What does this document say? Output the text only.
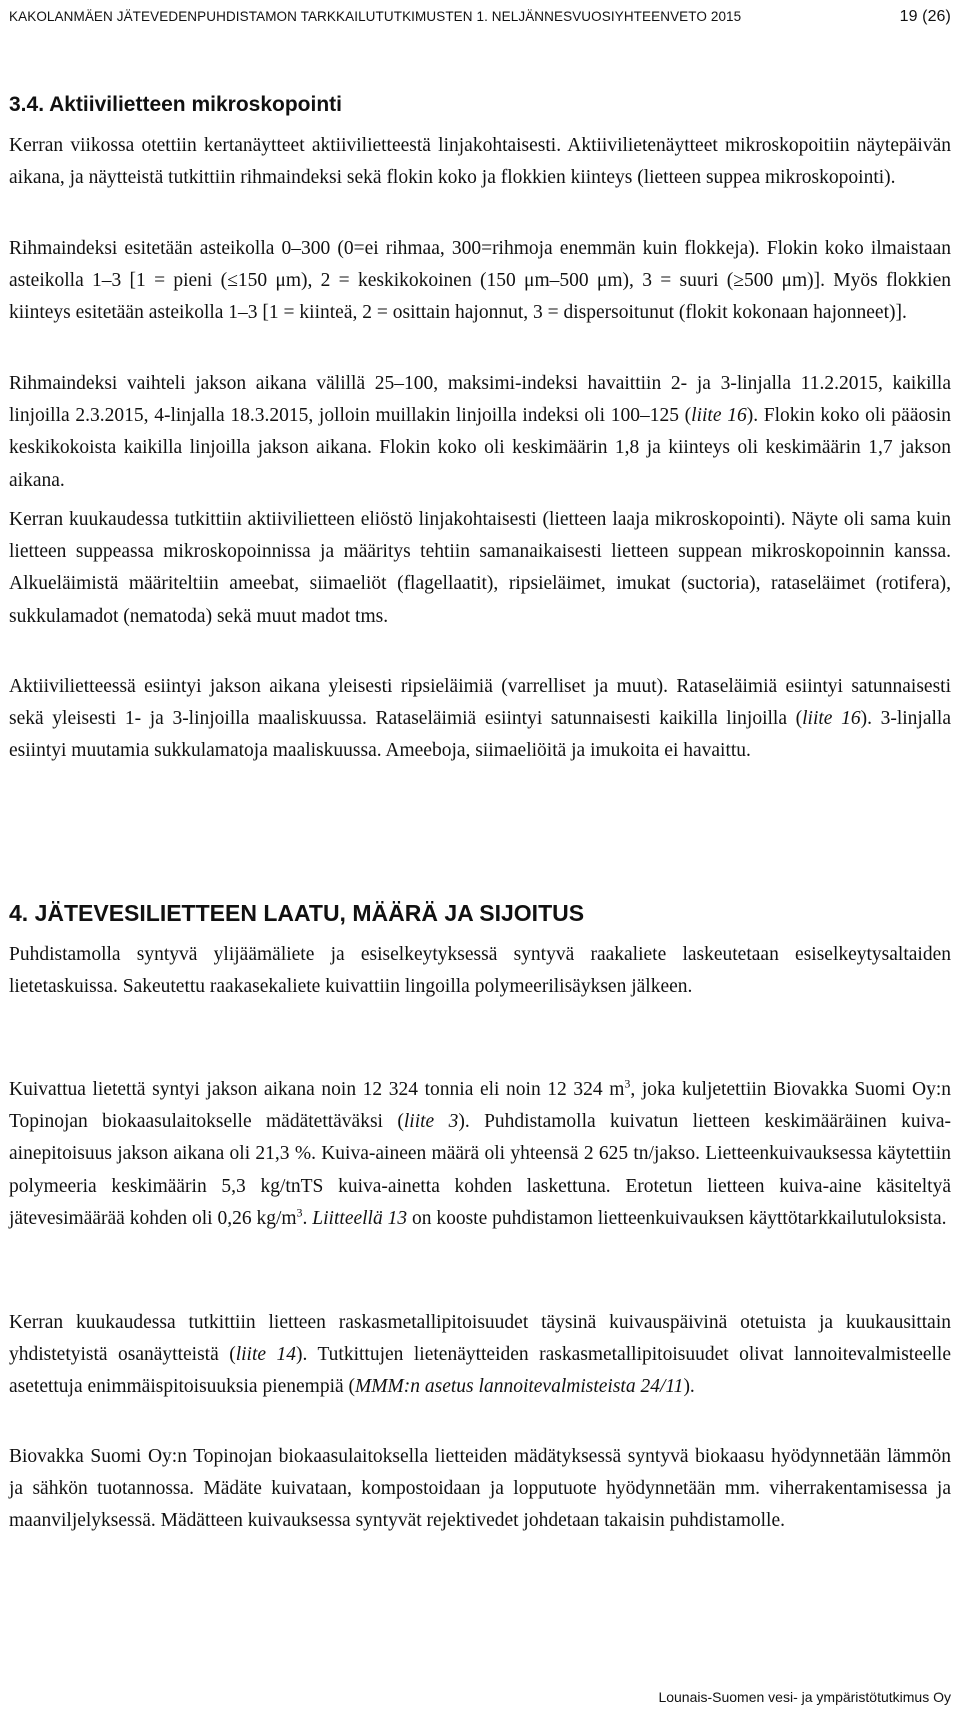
KAKOLANMÄEN JÄTEVEDENPUHDISTAMON TARKKAILUTUTKIMUSTEN 1. NELJÄNNESVUOSIYHTEENVETO 2015	19 (26)
3.4. Aktiivilietteen mikroskopointi

Kerran viikossa otettiin kertanäytteet aktiivilietteestä linjakohtaisesti. Aktiivilietenäytteet mikroskopoitiin näytepäivän aikana, ja näytteistä tutkittiin rihmaindeksi sekä flokin koko ja flokkien kiinteys (lietteen suppea mikroskopointi).

Rihmaindeksi esitetään asteikolla 0–300 (0=ei rihmaa, 300=rihmoja enemmän kuin flokkeja). Flokin koko ilmaistaan asteikolla 1–3 [1 = pieni (≤150 μm), 2 = keskikokoinen (150 μm–500 μm), 3 = suuri (≥500 μm)]. Myös flokkien kiinteys esitetään asteikolla 1–3 [1 = kiinteä, 2 = osittain hajonnut, 3 = dispersoitunut (flokit kokonaan hajonneet)].

Rihmaindeksi vaihteli jakson aikana välillä 25–100, maksimi-indeksi havaittiin 2- ja 3-linjalla 11.2.2015, kaikilla linjoilla 2.3.2015, 4-linjalla 18.3.2015, jolloin muillakin linjoilla indeksi oli 100–125 (liite 16). Flokin koko oli pääosin keskikokoista kaikilla linjoilla jakson aikana. Flokin koko oli keskimäärin 1,8 ja kiinteys oli keskimäärin 1,7 jakson aikana.

Kerran kuukaudessa tutkittiin aktiivilietteen eliöstö linjakohtaisesti (lietteen laaja mikroskopointi). Näyte oli sama kuin lietteen suppeassa mikroskopoinnissa ja määritys tehtiin samanaikaisesti lietteen suppean mikroskopoinnin kanssa. Alkueläimistä määriteltiin ameebat, siimaeliöt (flagellaatit), ripsieläimet, imukat (suctoria), rataseläimet (rotifera), sukkulamadot (nematoda) sekä muut madot tms.

Aktiivilietteessä esiintyi jakson aikana yleisesti ripsieläimiä (varrelliset ja muut). Rataseläimiä esiintyi satunnaisesti sekä yleisesti 1- ja 3-linjoilla maaliskuussa. Rataseläimiä esiintyi satunnaisesti kaikilla linjoilla (liite 16). 3-linjalla esiintyi muutamia sukkulamatoja maaliskuussa. Ameeboja, siimaeliöitä ja imukoita ei havaittu.

4. JÄTEVESILIETTEEN LAATU, MÄÄRÄ JA SIJOITUS

Puhdistamolla syntyvä ylijäämäliete ja esiselkeytyksessä syntyvä raakaliete laskeutetaan esiselkeytysaltaiden lietetaskuissa. Sakeutettu raakasekaliete kuivattiin lingoilla polymeerilisäyksen jälkeen.

Kuivattua lietettä syntyi jakson aikana noin 12 324 tonnia eli noin 12 324 $m^3$, joka kuljetettiin Biovakka Suomi Oy:n Topinojan biokaasulaitokselle mädätettäväksi (liite 3). Puhdistamolla kuivatun lietteen keskimääräinen kuiva-ainepitoisuus jakson aikana oli 21,3 %. Kuiva-aineen määrä oli yhteensä 2 625 tn/jakso. Lietteenkuivauksessa käytettiin polymeeria keskimäärin 5,3 kg/tnTS kuiva-ainetta kohden laskettuna. Erotetun lietteen kuiva-aine käsiteltyä jätevesimäärää kohden oli 0,26 $kg/m^3$. Liitteellä 13 on kooste puhdistamon lietteenkuivauksen käyttötarkkailutuloksista.

Kerran kuukaudessa tutkittiin lietteen raskasmetallipitoisuudet täysinä kuivauspäivinä otetuista ja kuukausittain yhdistetyistä osanäytteistä (liite 14). Tutkittujen lietenäytteiden raskasmetallipitoisuudet olivat lannoitevalmisteelle asetettuja enimmäispitoisuuksia pienempiä (MMM:n asetus lannoitevalmisteista 24/11).

Biovakka Suomi Oy:n Topinojan biokaasulaitoksella lietteiden mädätyksessä syntyvä biokaasu hyödynnetään lämmön ja sähkön tuotannossa. Mädäte kuivataan, kompostoidaan ja lopputuote hyödynnetään mm. viherrakentamisessa ja maanviljelyksessä. Mädätteen kuivauksessa syntyvät rejektivedet johdetaan takaisin puhdistamolle.

Lounais-Suomen vesi- ja ympäristötutkimus Oy
